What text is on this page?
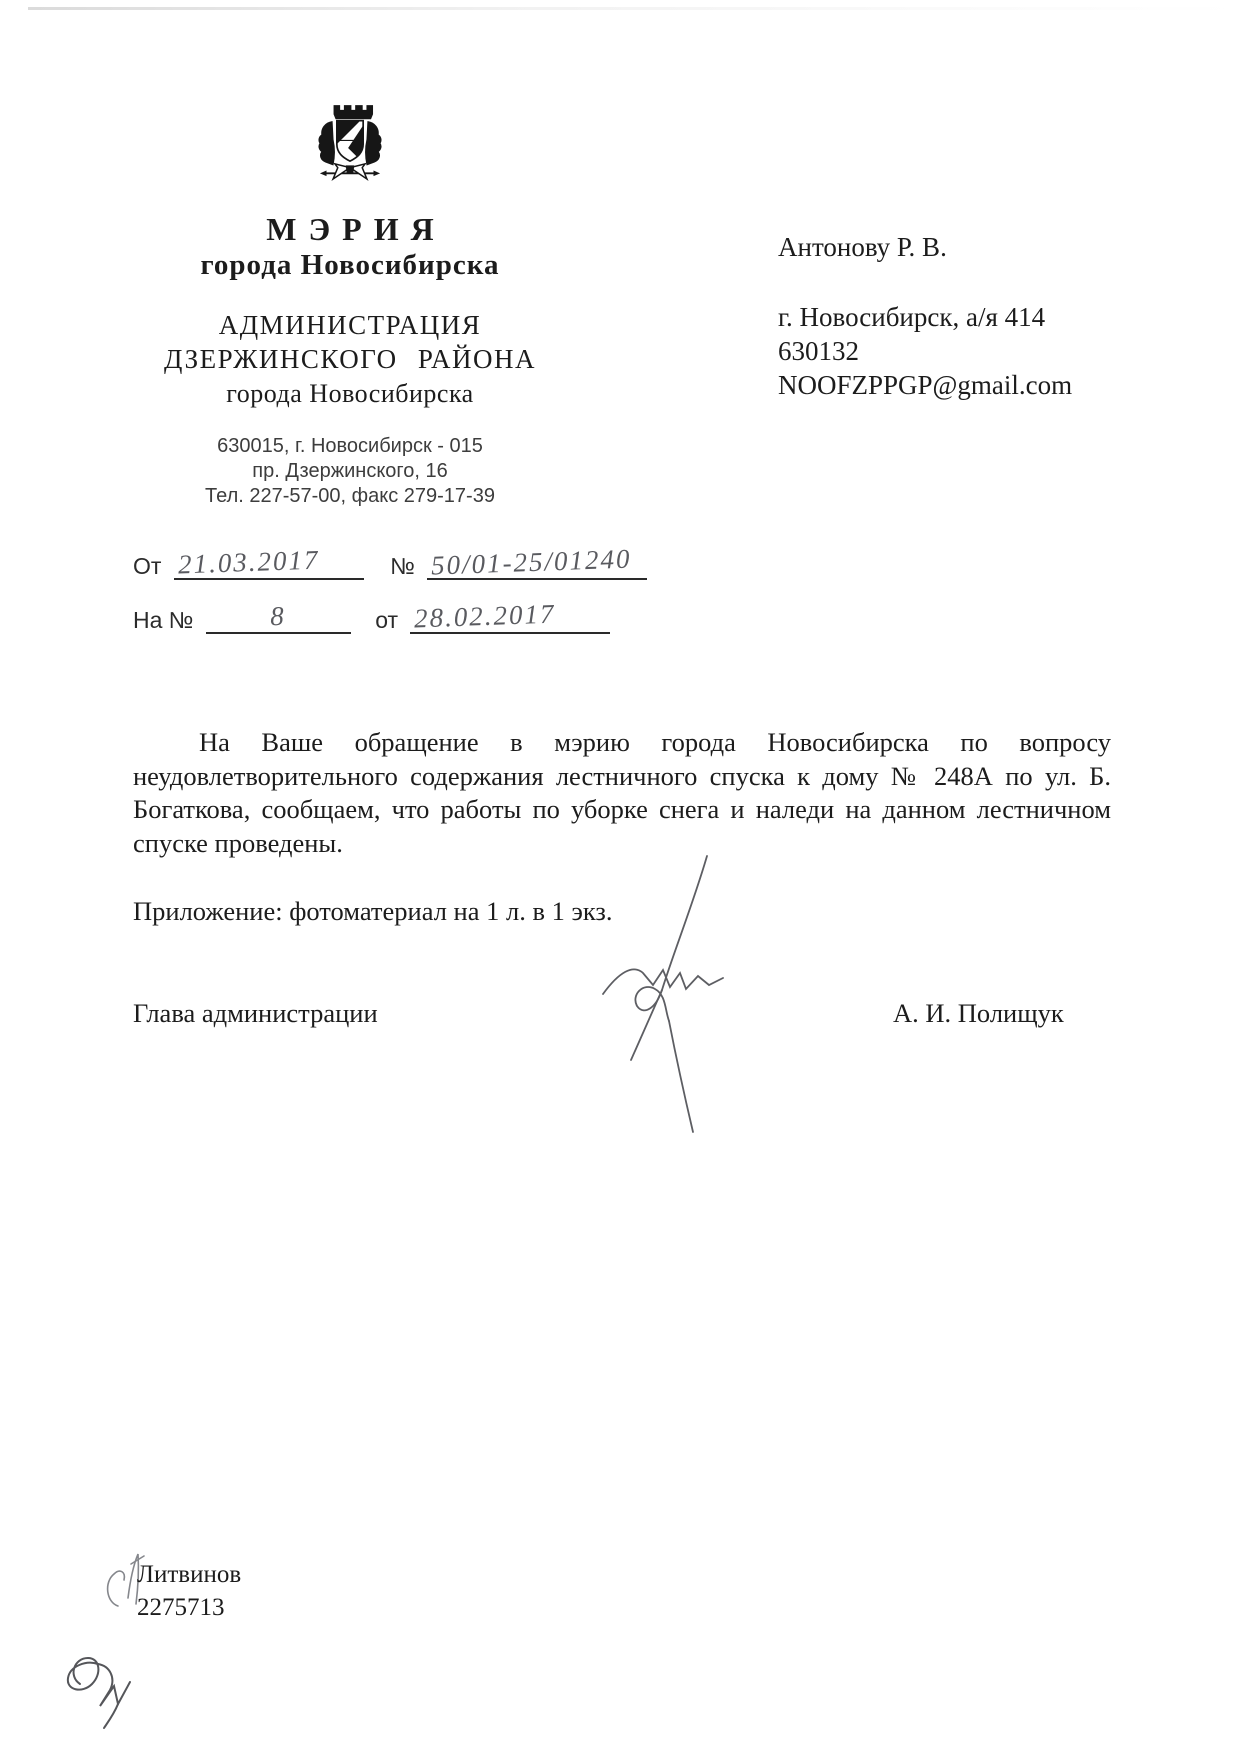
МЭРИЯ
города Новосибирска
АДМИНИСТРАЦИЯ
ДЗЕРЖИНСКОГО РАЙОНА
города Новосибирска
630015, г. Новосибирск - 015
пр. Дзержинского, 16
Тел. 227-57-00, факс 279-17-39
Антонову Р. В.
г. Новосибирск, а/я 414
630132
NOOFZPPGP@gmail.com
От 21.03.2017	№ 50/01-25/01240
На №	8	от 28.02.2017
На Ваше обращение в мэрию города Новосибирска по вопросу неудовлетворительного содержания лестничного спуска к дому № 248А по ул. Б. Богаткова, сообщаем, что работы по уборке снега и наледи на данном лестничном спуске проведены.
Приложение: фотоматериал на 1 л. в 1 экз.
Глава администрации	А. И. Полищук
Литвинов
2275713
